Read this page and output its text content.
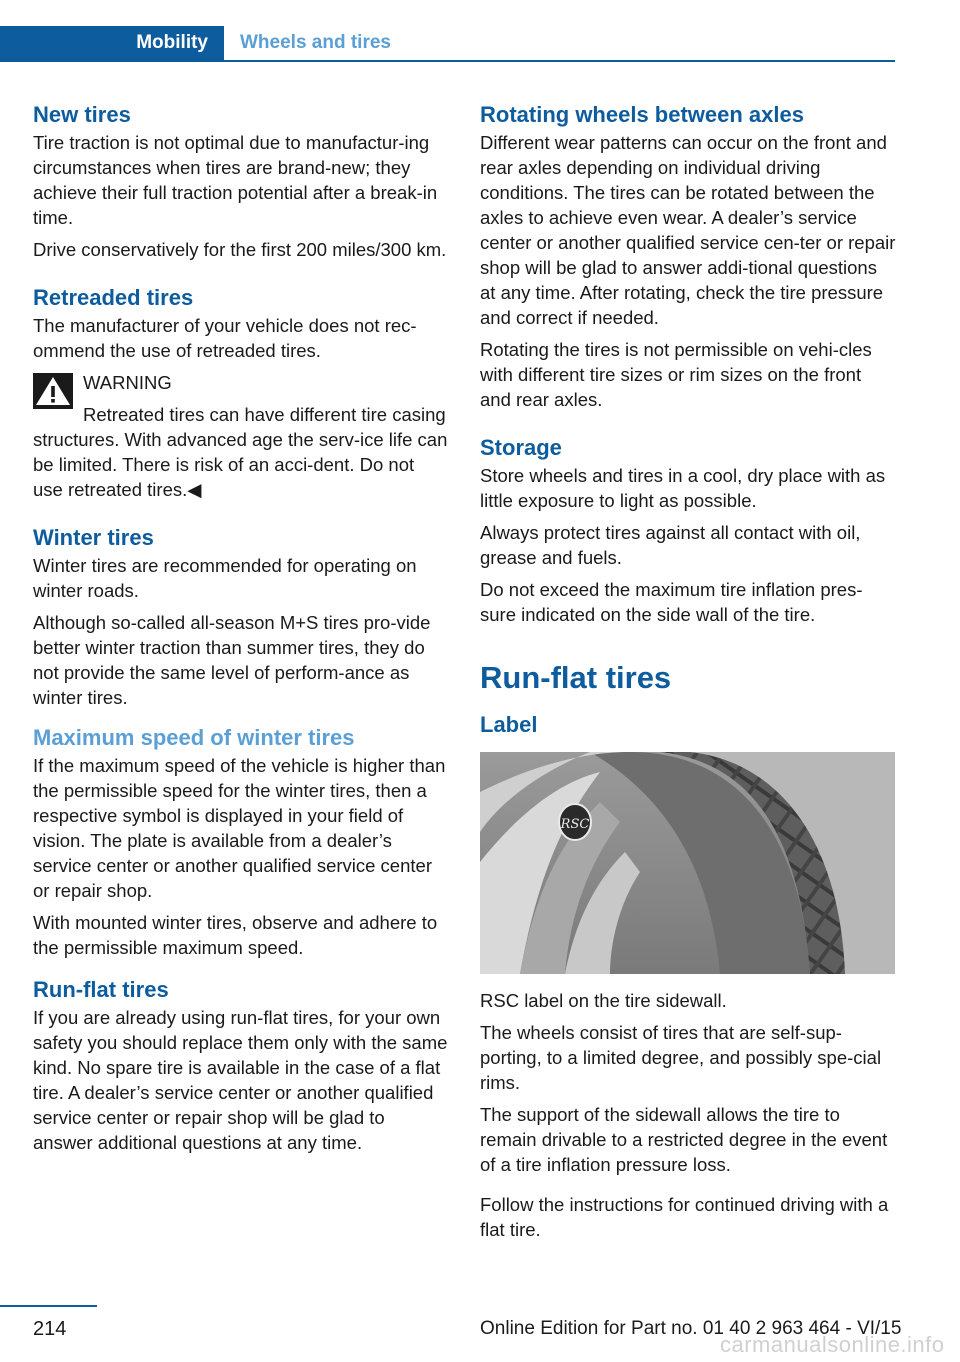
Mobility	Wheels and tires
New tires

Tire traction is not optimal due to manufactur‐ing circumstances when tires are brand-new; they achieve their full traction potential after a break-in time.

Drive conservatively for the first 200 miles/300 km.

Retreaded tires

The manufacturer of your vehicle does not rec‐ommend the use of retreaded tires.

WARNING

Retreated tires can have different tire casing structures. With advanced age the serv‐ice life can be limited. There is risk of an acci‐dent. Do not use retreated tires.◀

Winter tires

Winter tires are recommended for operating on winter roads.

Although so-called all-season M+S tires pro‐vide better winter traction than summer tires, they do not provide the same level of perform‐ance as winter tires.

Maximum speed of winter tires

If the maximum speed of the vehicle is higher than the permissible speed for the winter tires, then a respective symbol is displayed in your field of vision. The plate is available from a dealer’s service center or another qualified service center or repair shop.

With mounted winter tires, observe and adhere to the permissible maximum speed.

Run-flat tires

If you are already using run-flat tires, for your own safety you should replace them only with the same kind. No spare tire is available in the case of a flat tire. A dealer’s service center or another qualified service center or repair shop will be glad to answer additional questions at any time.

Rotating wheels between axles

Different wear patterns can occur on the front and rear axles depending on individual driving conditions. The tires can be rotated between the axles to achieve even wear. A dealer’s service center or another qualified service cen‐ter or repair shop will be glad to answer addi‐tional questions at any time. After rotating, check the tire pressure and correct if needed.

Rotating the tires is not permissible on vehi‐cles with different tire sizes or rim sizes on the front and rear axles.

Storage

Store wheels and tires in a cool, dry place with as little exposure to light as possible.

Always protect tires against all contact with oil, grease and fuels.

Do not exceed the maximum tire inflation pres‐sure indicated on the side wall of the tire.

Run-flat tires
Label
RSC

RSC label on the tire sidewall.

The wheels consist of tires that are self-sup‐porting, to a limited degree, and possibly spe‐cial rims.

The support of the sidewall allows the tire to remain drivable to a restricted degree in the event of a tire inflation pressure loss.

Follow the instructions for continued driving with a flat tire.

214	Online Edition for Part no. 01 40 2 963 464 - VI/15
carmanualsonline.info
